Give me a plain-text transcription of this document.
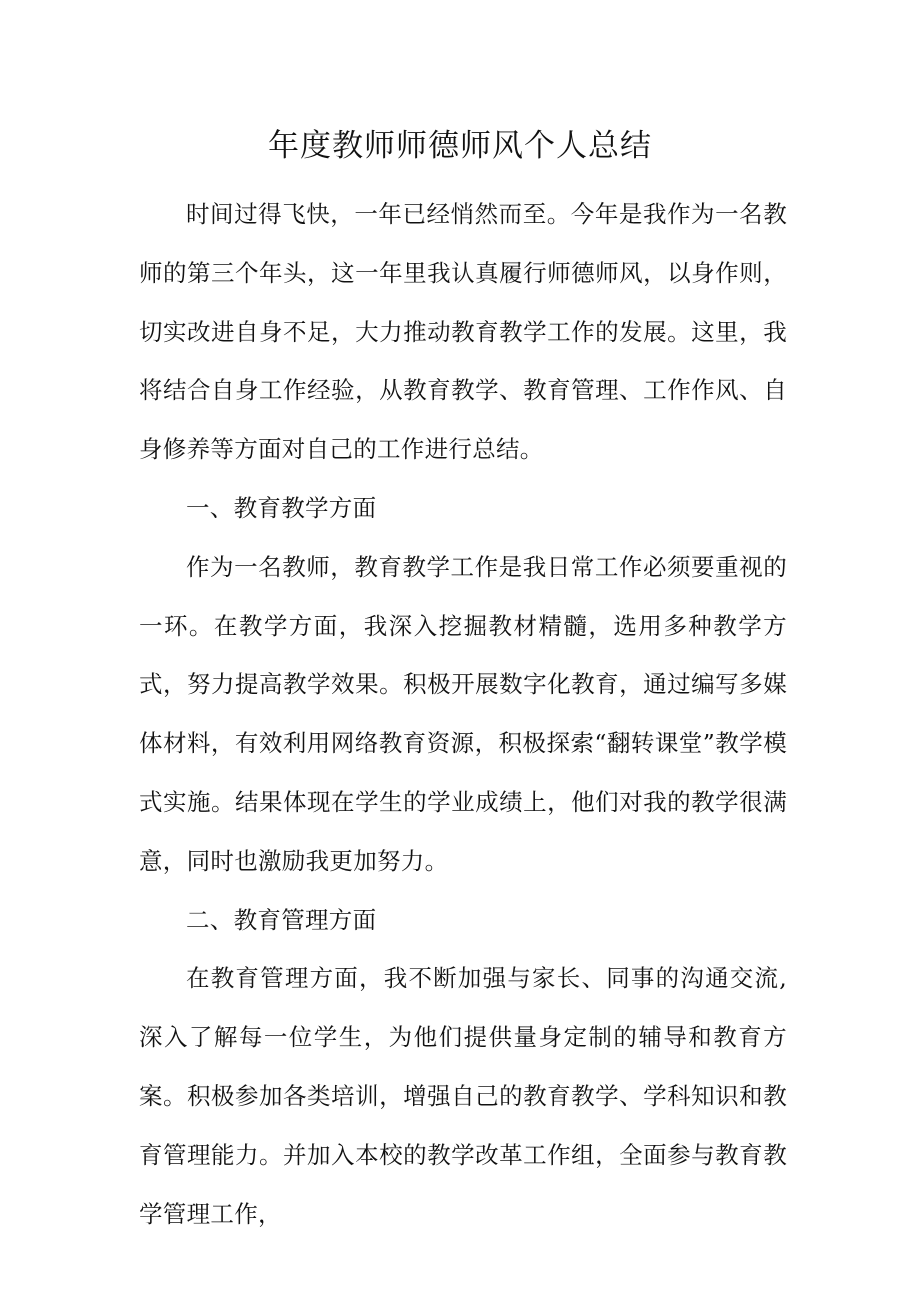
年度教师师德师风个人总结

时间过得飞快，一年已经悄然而至。今年是我作为一名教师的第三个年头，这一年里我认真履行师德师风，以身作则，切实改进自身不足，大力推动教育教学工作的发展。这里，我将结合自身工作经验，从教育教学、教育管理、工作作风、自身修养等方面对自己的工作进行总结。

一、教育教学方面

作为一名教师，教育教学工作是我日常工作必须要重视的一环。在教学方面，我深入挖掘教材精髓，选用多种教学方式，努力提高教学效果。积极开展数字化教育，通过编写多媒体材料，有效利用网络教育资源，积极探索“翻转课堂”教学模式实施。结果体现在学生的学业成绩上，他们对我的教学很满意，同时也激励我更加努力。

二、教育管理方面

在教育管理方面，我不断加强与家长、同事的沟通交流,深入了解每一位学生，为他们提供量身定制的辅导和教育方案。积极参加各类培训，增强自己的教育教学、学科知识和教育管理能力。并加入本校的教学改革工作组，全面参与教育教学管理工作，
